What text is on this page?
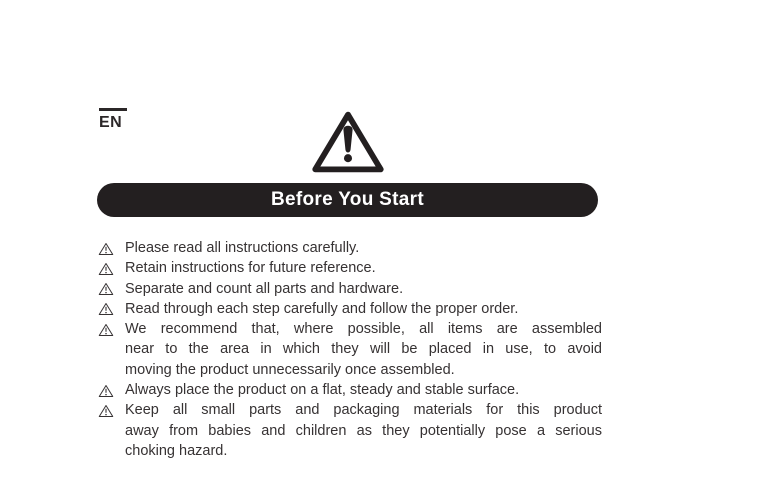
EN
Before You Start
Please read all instructions carefully.
Retain instructions for future reference.
Separate and count all parts and hardware.
Read through each step carefully and follow the proper order.
We recommend that, where possible, all items are assembled
near to the area in which they will be placed in use, to avoid
moving the product unnecessarily once assembled.
Always place the product on a flat, steady and stable surface.
Keep all small parts and packaging materials for this product
away from babies and children as they potentially pose a serious
choking hazard.
